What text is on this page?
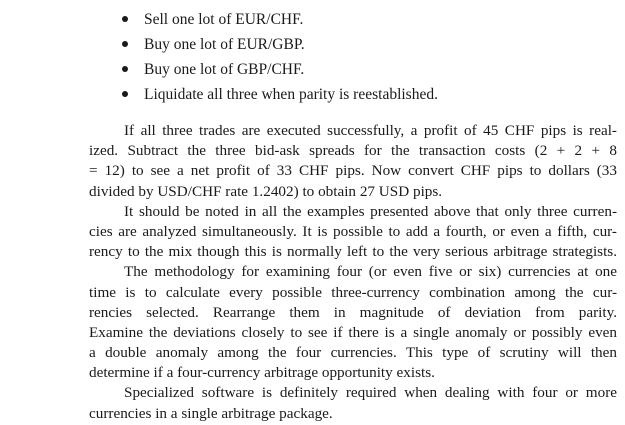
Sell one lot of EUR/CHF.
Buy one lot of EUR/GBP.
Buy one lot of GBP/CHF.
Liquidate all three when parity is reestablished.

If all three trades are executed successfully, a profit of 45 CHF pips is real-
ized. Subtract the three bid-ask spreads for the transaction costs (2 + 2 + 8
= 12) to see a net profit of 33 CHF pips. Now convert CHF pips to dollars (33
divided by USD/CHF rate 1.2402) to obtain 27 USD pips.

It should be noted in all the examples presented above that only three curren-
cies are analyzed simultaneously. It is possible to add a fourth, or even a fifth, cur-
rency to the mix though this is normally left to the very serious arbitrage strategists.

The methodology for examining four (or even five or six) currencies at one
time is to calculate every possible three-currency combination among the cur-
rencies selected. Rearrange them in magnitude of deviation from parity.
Examine the deviations closely to see if there is a single anomaly or possibly even
a double anomaly among the four currencies. This type of scrutiny will then
determine if a four-currency arbitrage opportunity exists.

Specialized software is definitely required when dealing with four or more
currencies in a single arbitrage package.
